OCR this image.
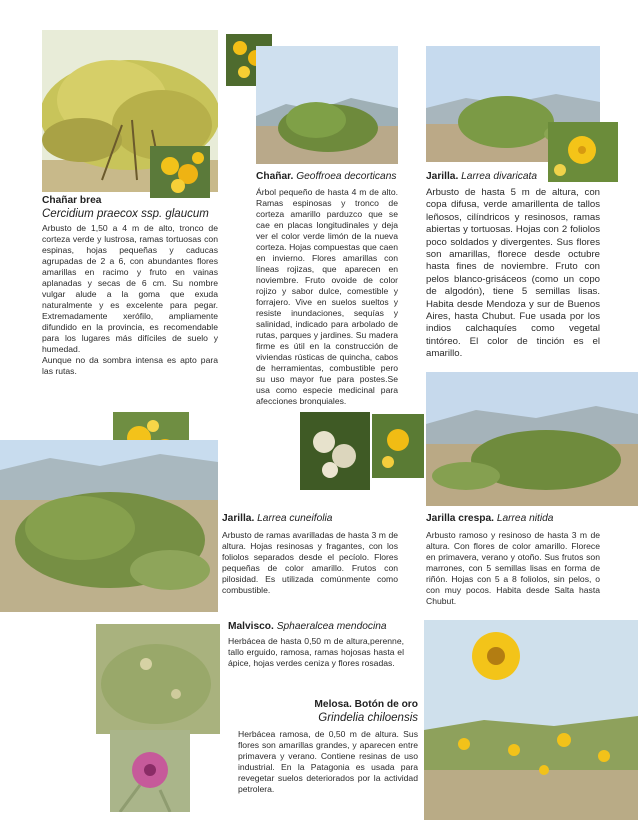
Chañar brea
Cercidium praecox ssp. glaucum

Arbusto de 1,50 a 4 m de alto, tronco de corteza verde y lustrosa, ramas tortuosas con espinas, hojas pequeñas y caducas agrupadas de 2 a 6, con abundantes flores amarillas en racimo y fruto en vainas aplanadas y secas de 6 cm. Su nombre vulgar alude a la goma que exuda naturalmente y es excelente para pegar. Extremadamente xerófilo, ampliamente difundido en la provincia, es recomendable para los lugares más difíciles de suelo y humedad.

Aunque no da sombra intensa es apto para las rutas.

Chañar. Geoffroea decorticans

Árbol pequeño de hasta 4 m de alto. Ramas espinosas y tronco de corteza amarillo parduzco que se cae en placas longitudinales y deja ver el color verde limón de la nueva corteza. Hojas compuestas que caen en invierno. Flores amarillas con líneas rojizas, que aparecen en noviembre. Fruto ovoide de color rojizo y sabor dulce, comestible y forrajero. Vive en suelos sueltos y resiste inundaciones, sequías y salinidad, indicado para arbolado de rutas, parques y jardines. Su madera firme es útil en la construcción de viviendas rústicas de quincha, cabos de herramientas, combustible pero su uso mayor fue para postes.Se usa como especie medicinal para afecciones bronquiales.

Jarilla. Larrea divaricata

Arbusto de hasta 5 m de altura, con copa difusa, verde amarillenta de tallos leñosos, cilíndricos y resinosos, ramas abiertas y tortuosas. Hojas con 2 foliolos poco soldados y divergentes. Sus flores son amarillas, florece desde octubre hasta fines de noviembre. Fruto con pelos blanco-grisáceos (como un copo de algodón), tiene 5 semillas lisas. Habita desde Mendoza y sur de Buenos Aires, hasta Chubut. Fue usada por los indios calchaquíes como vegetal tintóreo. El color de tinción es el amarillo.

Jarilla. Larrea cuneifolia

Arbusto de ramas avarilladas de hasta 3 m de altura. Hojas resinosas y fragantes, con los foliolos separados desde el pecíolo. Flores pequeñas de color amarillo. Frutos con pilosidad. Es utilizada comúnmente como combustible.

Jarilla crespa. Larrea nitida

Arbusto ramoso y resinoso de hasta 3 m de altura. Con flores de color amarillo. Florece en primavera, verano y otoño. Sus frutos son marrones, con 5 semillas lisas en forma de riñón. Hojas con 5 a 8 foliolos, sin pelos, o con muy pocos. Habita desde Salta hasta Chubut.

Malvisco. Sphaeralcea mendocina

Herbácea de hasta 0,50 m de altura,perenne, tallo erguido, ramosa, ramas hojosas hasta el ápice, hojas verdes ceniza y flores rosadas.

Melosa. Botón de oro
Grindelia chiloensis

Herbácea ramosa, de 0,50 m de altura. Sus flores son amarillas grandes, y aparecen entre primavera y verano. Contiene resinas de uso industrial. En la Patagonia es usada para revegetar suelos deteriorados por la actividad petrolera.
